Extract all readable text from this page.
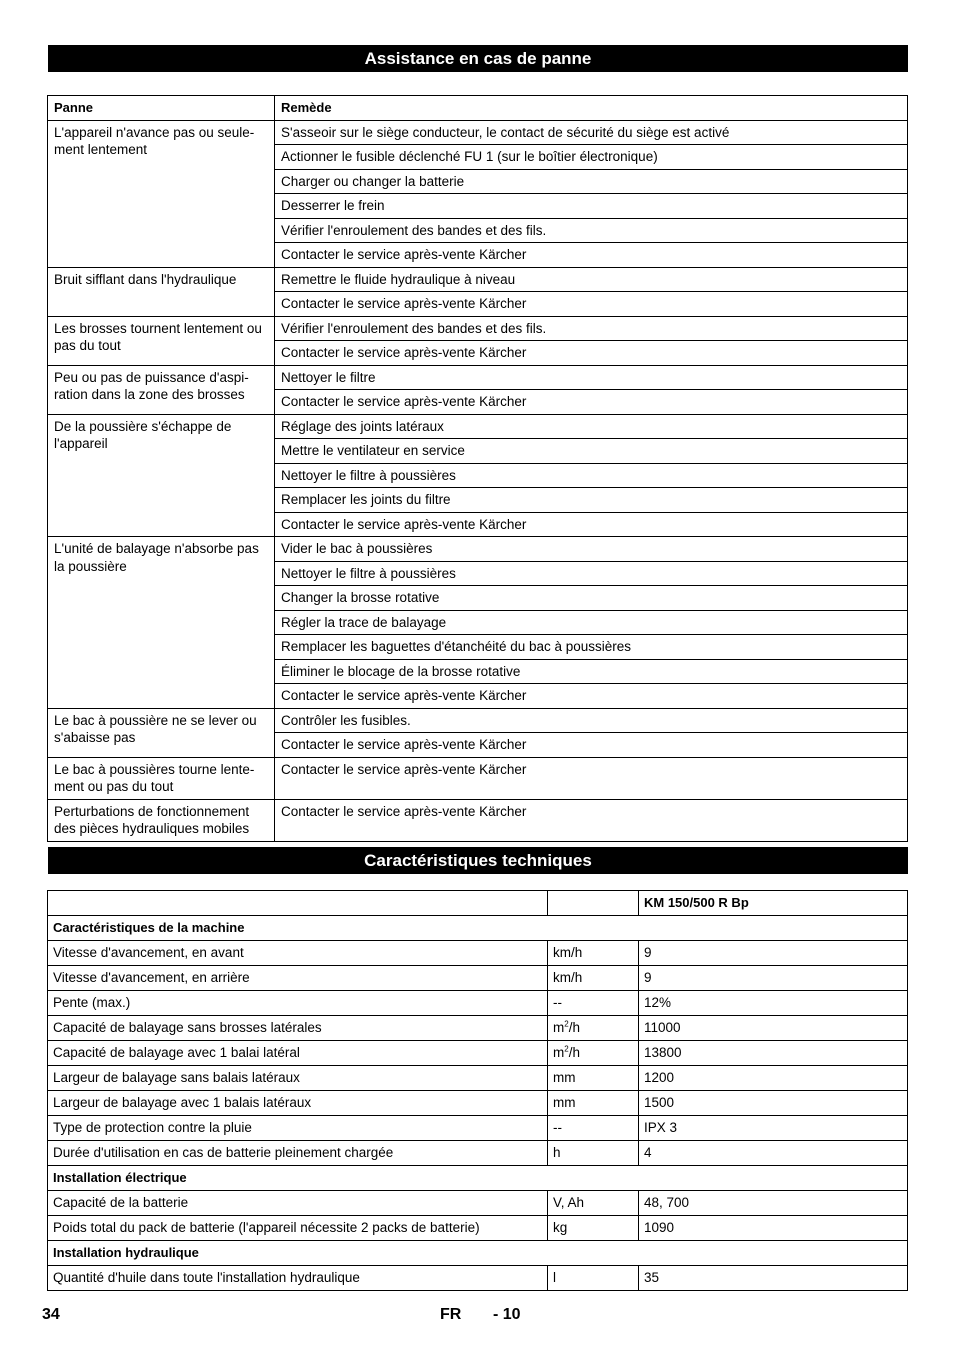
Assistance en cas de panne
Panne	Remède
L'appareil n'avance pas ou seule-ment lentement	S'asseoir sur le siège conducteur, le contact de sécurité du siège est activé
	Actionner le fusible déclenché FU 1 (sur le boîtier électronique)
	Charger ou changer la batterie
	Desserrer le frein
	Vérifier l'enroulement des bandes et des fils.
	Contacter le service après-vente Kärcher
Bruit sifflant dans l'hydraulique	Remettre le fluide hydraulique à niveau
	Contacter le service après-vente Kärcher
Les brosses tournent lentement ou pas du tout	Vérifier l'enroulement des bandes et des fils.
	Contacter le service après-vente Kärcher
Peu ou pas de puissance d'aspi-ration dans la zone des brosses	Nettoyer le filtre
	Contacter le service après-vente Kärcher
De la poussière s'échappe de l'appareil	Réglage des joints latéraux
	Mettre le ventilateur en service
	Nettoyer le filtre à poussières
	Remplacer les joints du filtre
	Contacter le service après-vente Kärcher
L'unité de balayage n'absorbe pas la poussière	Vider le bac à poussières
	Nettoyer le filtre à poussières
	Changer la brosse rotative
	Régler la trace de balayage
	Remplacer les baguettes d'étanchéité du bac à poussières
	Éliminer le blocage de la brosse rotative
	Contacter le service après-vente Kärcher
Le bac à poussière ne se lever ou s'abaisse pas	Contrôler les fusibles.
	Contacter le service après-vente Kärcher
Le bac à poussières tourne lente-ment ou pas du tout	Contacter le service après-vente Kärcher
Perturbations de fonctionnement des pièces hydrauliques mobiles	Contacter le service après-vente Kärcher
Caractéristiques techniques
		KM 150/500 R Bp
Caractéristiques de la machine		
Vitesse d'avancement, en avant	km/h	9
Vitesse d'avancement, en arrière	km/h	9
Pente (max.)	--	12%
Capacité de balayage sans brosses latérales	$m^2/h$	11000
Capacité de balayage avec 1 balai latéral	$m^2/h$	13800
Largeur de balayage sans balais latéraux	mm	1200
Largeur de balayage avec 1 balais latéraux	mm	1500
Type de protection contre la pluie	--	IPX 3
Durée d'utilisation en cas de batterie pleinement chargée	h	4
Installation électrique		
Capacité de la batterie	V, Ah	48, 700
Poids total du pack de batterie (l'appareil nécessite 2 packs de batterie)	kg	1090
Installation hydraulique		
Quantité d'huile dans toute l'installation hydraulique	l	35
34	FR - 10
